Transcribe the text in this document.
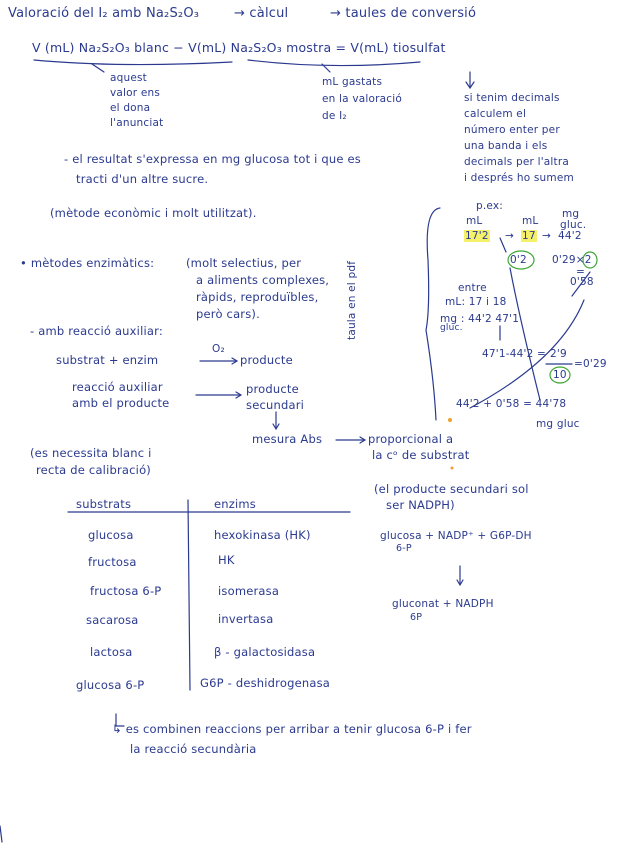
Valoració del I₂ amb Na₂S₂O₃	→ càlcul	→ taules de conversió
V (mL) Na₂S₂O₃ blanc − V(mL) Na₂S₂O₃ mostra = V(mL) tiosulfat
aquest
valor ens
el dona
l'anunciat
mL gastats
en la valoració
de I₂
si tenim decimals
calculem el
número enter per
una banda i els
decimals per l'altra
i després ho sumem
- el resultat s'expressa en mg glucosa tot i que es
tracti d'un altre sucre.
(mètode econòmic i molt utilitzat).	p.ex:
mL	mL
mg
gluc.
17'2 → 17 → 44'2
0'2 0'29×2
=
0'58
entre
mL: 17 i 18
mg : 44'2 47'1
gluc.
47'1-44'2 = 2'9
10
=0'29
44'2 + 0'58 = 44'78
mg gluc
taula en el pdf
• mètodes enzimàtics:	(molt selectius, per
a aliments complexes,
ràpids, reproduïbles,
però cars).
- amb reacció auxiliar:
substrat + enzim
O₂
producte
reacció auxiliar
amb el producte
producte
secundari
mesura Abs	proporcional a
la cᵒ de substrat
(es necessita blanc i
recta de calibració)
substrats	enzims
glucosa	hexokinasa (HK)
fructosa	HK
fructosa 6-P	isomerasa
sacarosa	invertasa
lactosa	β - galactosidasa
glucosa 6-P	G6P - deshidrogenasa
(el producte secundari sol
ser NADPH)
glucosa + NADP⁺ + G6P-DH
6-P
gluconat + NADPH
6P
↳ es combinen reaccions per arribar a tenir glucosa 6-P i fer
la reacció secundària
